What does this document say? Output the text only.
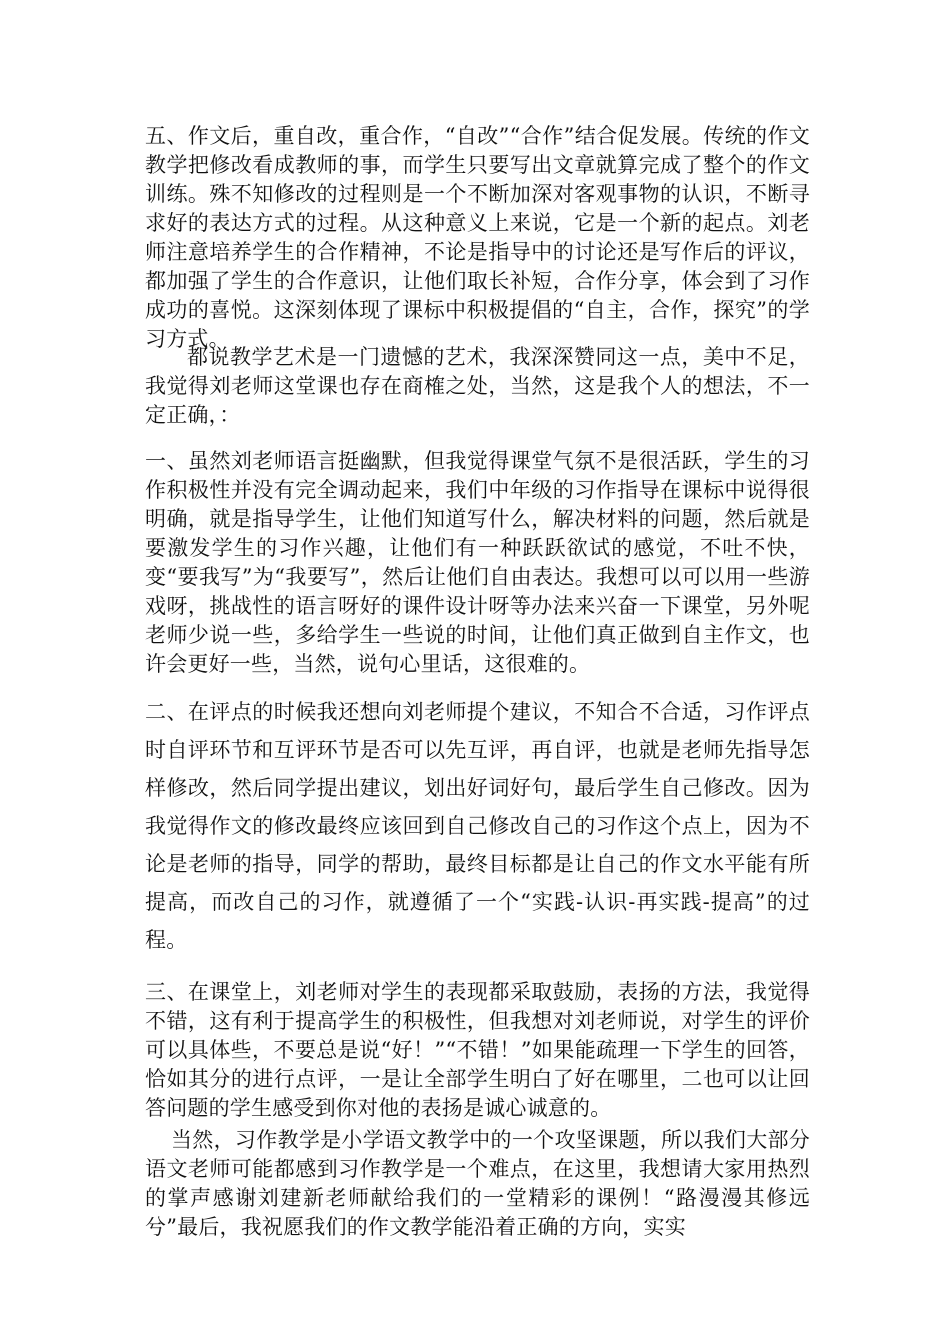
五、作文后，重自改，重合作，“自改”“合作”结合促发展。传统的作文教学把修改看成教师的事，而学生只要写出文章就算完成了整个的作文训练。殊不知修改的过程则是一个不断加深对客观事物的认识，不断寻求好的表达方式的过程。从这种意义上来说，它是一个新的起点。刘老师注意培养学生的合作精神，不论是指导中的讨论还是写作后的评议，都加强了学生的合作意识，让他们取长补短，合作分享，体会到了习作成功的喜悦。这深刻体现了课标中积极提倡的“自主，合作，探究”的学习方式。

都说教学艺术是一门遗憾的艺术，我深深赞同这一点，美中不足，我觉得刘老师这堂课也存在商榷之处，当然，这是我个人的想法，不一定正确，：

一、虽然刘老师语言挺幽默，但我觉得课堂气氛不是很活跃，学生的习作积极性并没有完全调动起来，我们中年级的习作指导在课标中说得很明确，就是指导学生，让他们知道写什么，解决材料的问题，然后就是要激发学生的习作兴趣，让他们有一种跃跃欲试的感觉，不吐不快，变“要我写”为“我要写”，然后让他们自由表达。我想可以可以用一些游戏呀，挑战性的语言呀好的课件设计呀等办法来兴奋一下课堂，另外呢老师少说一些，多给学生一些说的时间，让他们真正做到自主作文，也许会更好一些，当然，说句心里话，这很难的。

二、在评点的时候我还想向刘老师提个建议，不知合不合适，习作评点时自评环节和互评环节是否可以先互评，再自评，也就是老师先指导怎样修改，然后同学提出建议，划出好词好句，最后学生自己修改。因为我觉得作文的修改最终应该回到自己修改自己的习作这个点上，因为不论是老师的指导，同学的帮助，最终目标都是让自己的作文水平能有所提高，而改自己的习作，就遵循了一个“实践-认识-再实践-提高”的过程。

三、在课堂上，刘老师对学生的表现都采取鼓励，表扬的方法，我觉得不错，这有利于提高学生的积极性，但我想对刘老师说，对学生的评价可以具体些，不要总是说“好！”“不错！”如果能疏理一下学生的回答，恰如其分的进行点评，一是让全部学生明白了好在哪里，二也可以让回答问题的学生感受到你对他的表扬是诚心诚意的。

当然，习作教学是小学语文教学中的一个攻坚课题，所以我们大部分语文老师可能都感到习作教学是一个难点，在这里，我想请大家用热烈的掌声感谢刘建新老师献给我们的一堂精彩的课例！“路漫漫其修远兮”最后，我祝愿我们的作文教学能沿着正确的方向，实实
